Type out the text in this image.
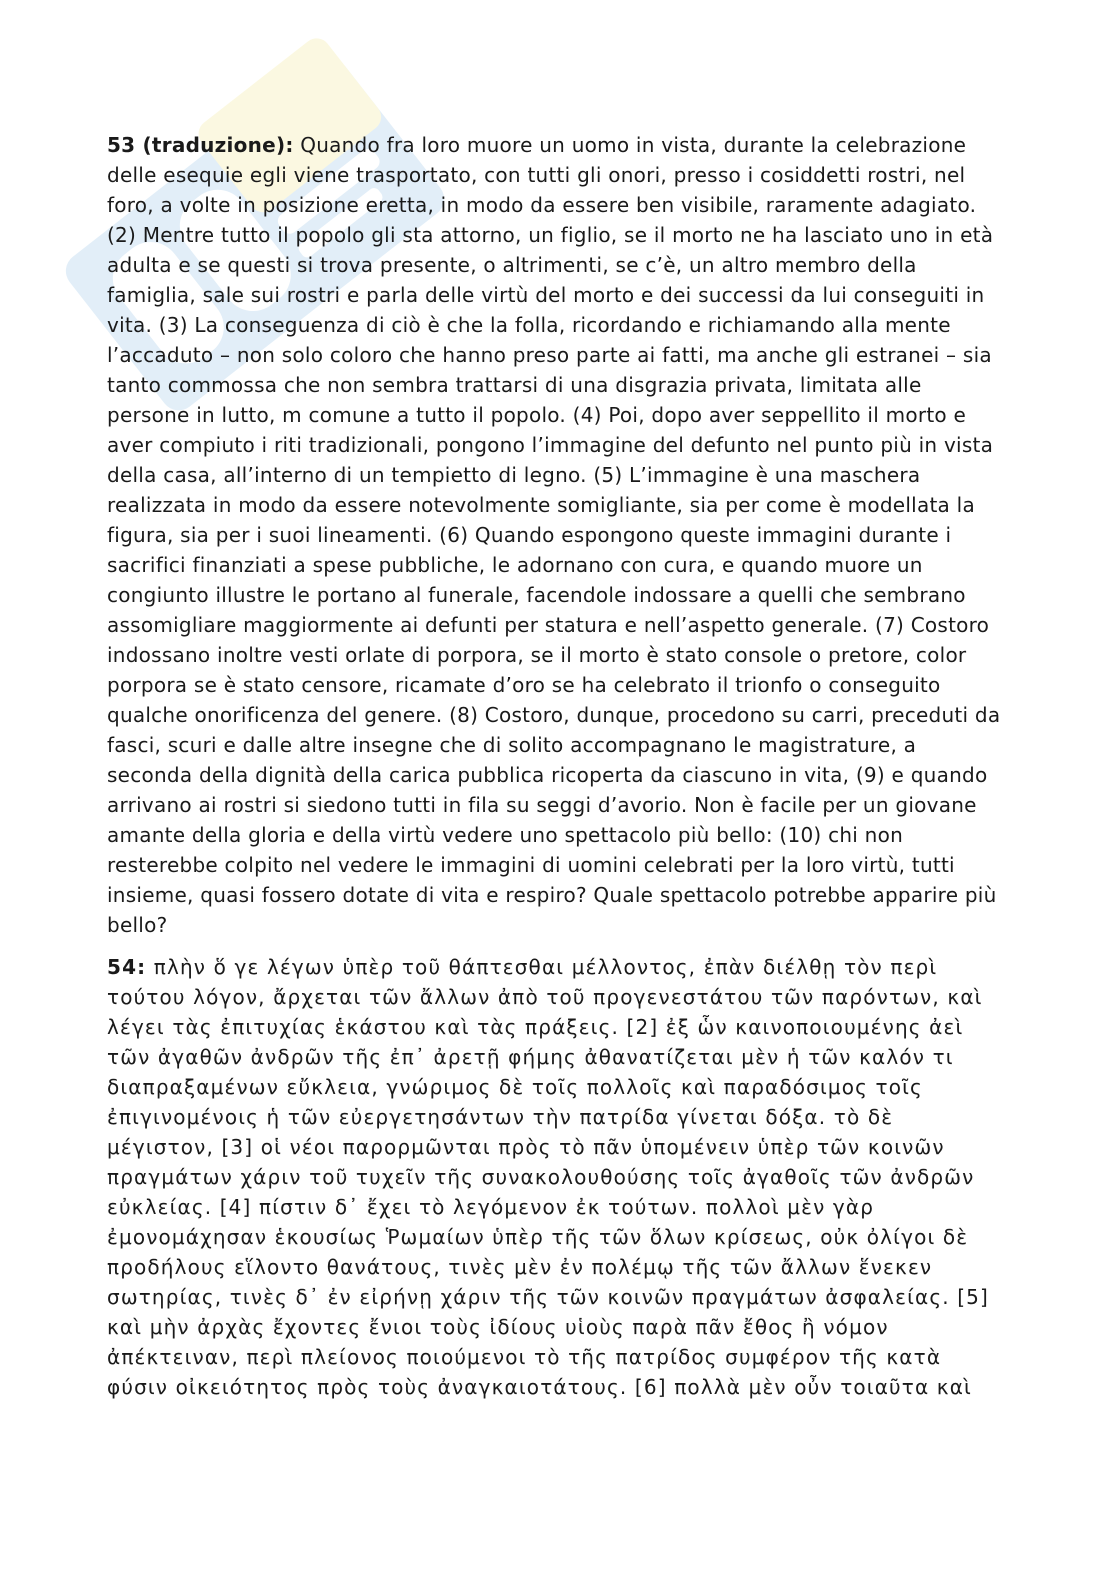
53 (traduzione): Quando fra loro muore un uomo in vista, durante la celebrazione delle esequie egli viene trasportato, con tutti gli onori, presso i cosiddetti rostri, nel foro, a volte in posizione eretta, in modo da essere ben visibile, raramente adagiato. (2) Mentre tutto il popolo gli sta attorno, un figlio, se il morto ne ha lasciato uno in età adulta e se questi si trova presente, o altrimenti, se c’è, un altro membro della famiglia, sale sui rostri e parla delle virtù del morto e dei successi da lui conseguiti in vita. (3) La conseguenza di ciò è che la folla, ricordando e richiamando alla mente l’accaduto – non solo coloro che hanno preso parte ai fatti, ma anche gli estranei – sia tanto commossa che non sembra trattarsi di una disgrazia privata, limitata alle persone in lutto, m comune a tutto il popolo. (4) Poi, dopo aver seppellito il morto e aver compiuto i riti tradizionali, pongono l’immagine del defunto nel punto più in vista della casa, all’interno di un tempietto di legno. (5) L’immagine è una maschera realizzata in modo da essere notevolmente somigliante, sia per come è modellata la figura, sia per i suoi lineamenti. (6) Quando espongono queste immagini durante i sacrifici finanziati a spese pubbliche, le adornano con cura, e quando muore un congiunto illustre le portano al funerale, facendole indossare a quelli che sembrano assomigliare maggiormente ai defunti per statura e nell’aspetto generale. (7) Costoro indossano inoltre vesti orlate di porpora, se il morto è stato console o pretore, color porpora se è stato censore, ricamate d’oro se ha celebrato il trionfo o conseguito qualche onorificenza del genere. (8) Costoro, dunque, procedono su carri, preceduti da fasci, scuri e dalle altre insegne che di solito accompagnano le magistrature, a seconda della dignità della carica pubblica ricoperta da ciascuno in vita, (9) e quando arrivano ai rostri si siedono tutti in fila su seggi d’avorio. Non è facile per un giovane amante della gloria e della virtù vedere uno spettacolo più bello: (10) chi non resterebbe colpito nel vedere le immagini di uomini celebrati per la loro virtù, tutti insieme, quasi fossero dotate di vita e respiro? Quale spettacolo potrebbe apparire più bello?

54: πλὴν ὅ γε λέγων ὑπὲρ τοῦ θάπτεσθαι μέλλοντος, ἐπὰν διέλθῃ τὸν περὶ τούτου λόγον, ἄρχεται τῶν ἄλλων ἀπὸ τοῦ προγενεστάτου τῶν παρόντων, καὶ λέγει τὰς ἐπιτυχίας ἑκάστου καὶ τὰς πράξεις. [2] ἐξ ὧν καινοποιουμένης ἀεὶ τῶν ἀγαθῶν ἀνδρῶν τῆς ἐπ᾽ ἀρετῇ φήμης ἀθανατίζεται μὲν ἡ τῶν καλόν τι διαπραξαμένων εὔκλεια, γνώριμος δὲ τοῖς πολλοῖς καὶ παραδόσιμος τοῖς ἐπιγινομένοις ἡ τῶν εὐεργετησάντων τὴν πατρίδα γίνεται δόξα. τὸ δὲ μέγιστον, [3] οἱ νέοι παρορμῶνται πρὸς τὸ πᾶν ὑπομένειν ὑπὲρ τῶν κοινῶν πραγμάτων χάριν τοῦ τυχεῖν τῆς συνακολουθούσης τοῖς ἀγαθοῖς τῶν ἀνδρῶν εὐκλείας. [4] πίστιν δ᾽ ἔχει τὸ λεγόμενον ἐκ τούτων. πολλοὶ μὲν γὰρ ἐμονομάχησαν ἑκουσίως Ῥωμαίων ὑπὲρ τῆς τῶν ὅλων κρίσεως, οὐκ ὀλίγοι δὲ προδήλους εἵλοντο θανάτους, τινὲς μὲν ἐν πολέμῳ τῆς τῶν ἄλλων ἕνεκεν σωτηρίας, τινὲς δ᾽ ἐν εἰρήνῃ χάριν τῆς τῶν κοινῶν πραγμάτων ἀσφαλείας. [5] καὶ μὴν ἀρχὰς ἔχοντες ἔνιοι τοὺς ἰδίους υἱοὺς παρὰ πᾶν ἔθος ἢ νόμον ἀπέκτειναν, περὶ πλείονος ποιούμενοι τὸ τῆς πατρίδος συμφέρον τῆς κατὰ φύσιν οἰκειότητος πρὸς τοὺς ἀναγκαιοτάτους. [6] πολλὰ μὲν οὖν τοιαῦτα καὶ
